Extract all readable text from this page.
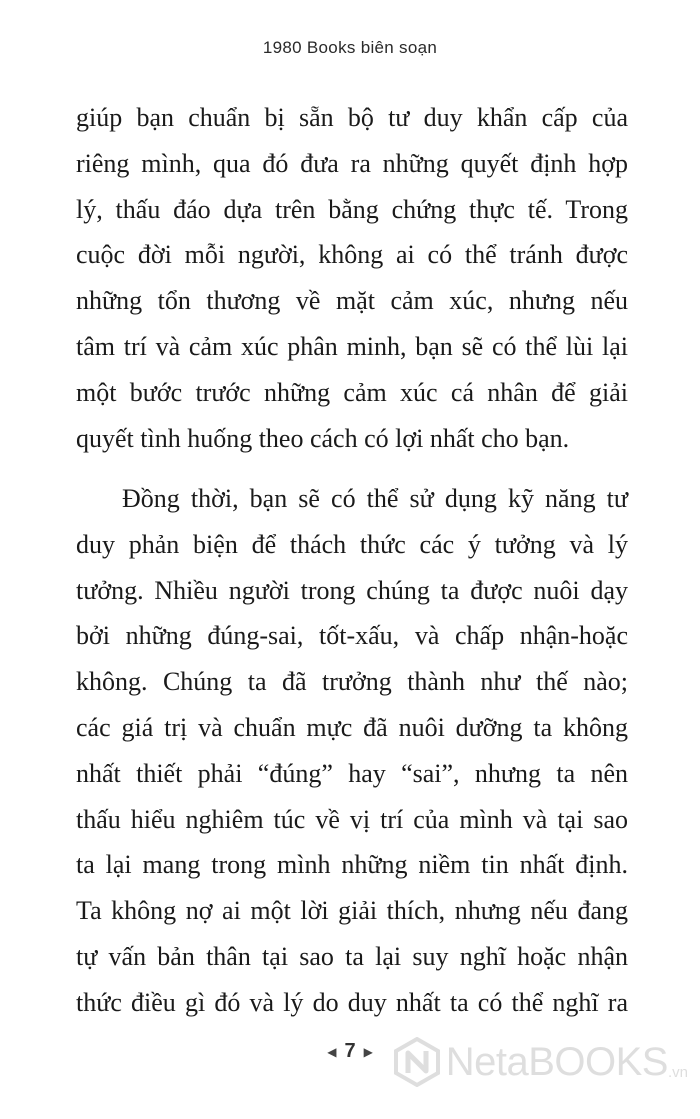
1980 Books biên soạn
giúp bạn chuẩn bị sẵn bộ tư duy khẩn cấp của
riêng mình, qua đó đưa ra những quyết định hợp
lý, thấu đáo dựa trên bằng chứng thực tế. Trong
cuộc đời mỗi người, không ai có thể tránh được
những tổn thương về mặt cảm xúc, nhưng nếu
tâm trí và cảm xúc phân minh, bạn sẽ có thể lùi lại
một bước trước những cảm xúc cá nhân để giải
quyết tình huống theo cách có lợi nhất cho bạn.
Đồng thời, bạn sẽ có thể sử dụng kỹ năng tư
duy phản biện để thách thức các ý tưởng và lý
tưởng. Nhiều người trong chúng ta được nuôi dạy
bởi những đúng-sai, tốt-xấu, và chấp nhận-hoặc
không. Chúng ta đã trưởng thành như thế nào;
các giá trị và chuẩn mực đã nuôi dưỡng ta không
nhất thiết phải “đúng” hay “sai”, nhưng ta nên
thấu hiểu nghiêm túc về vị trí của mình và tại sao
ta lại mang trong mình những niềm tin nhất định.
Ta không nợ ai một lời giải thích, nhưng nếu đang
tự vấn bản thân tại sao ta lại suy nghĩ hoặc nhận
thức điều gì đó và lý do duy nhất ta có thể nghĩ ra
◀ 7 ▶	NetaBOOKS .vn
